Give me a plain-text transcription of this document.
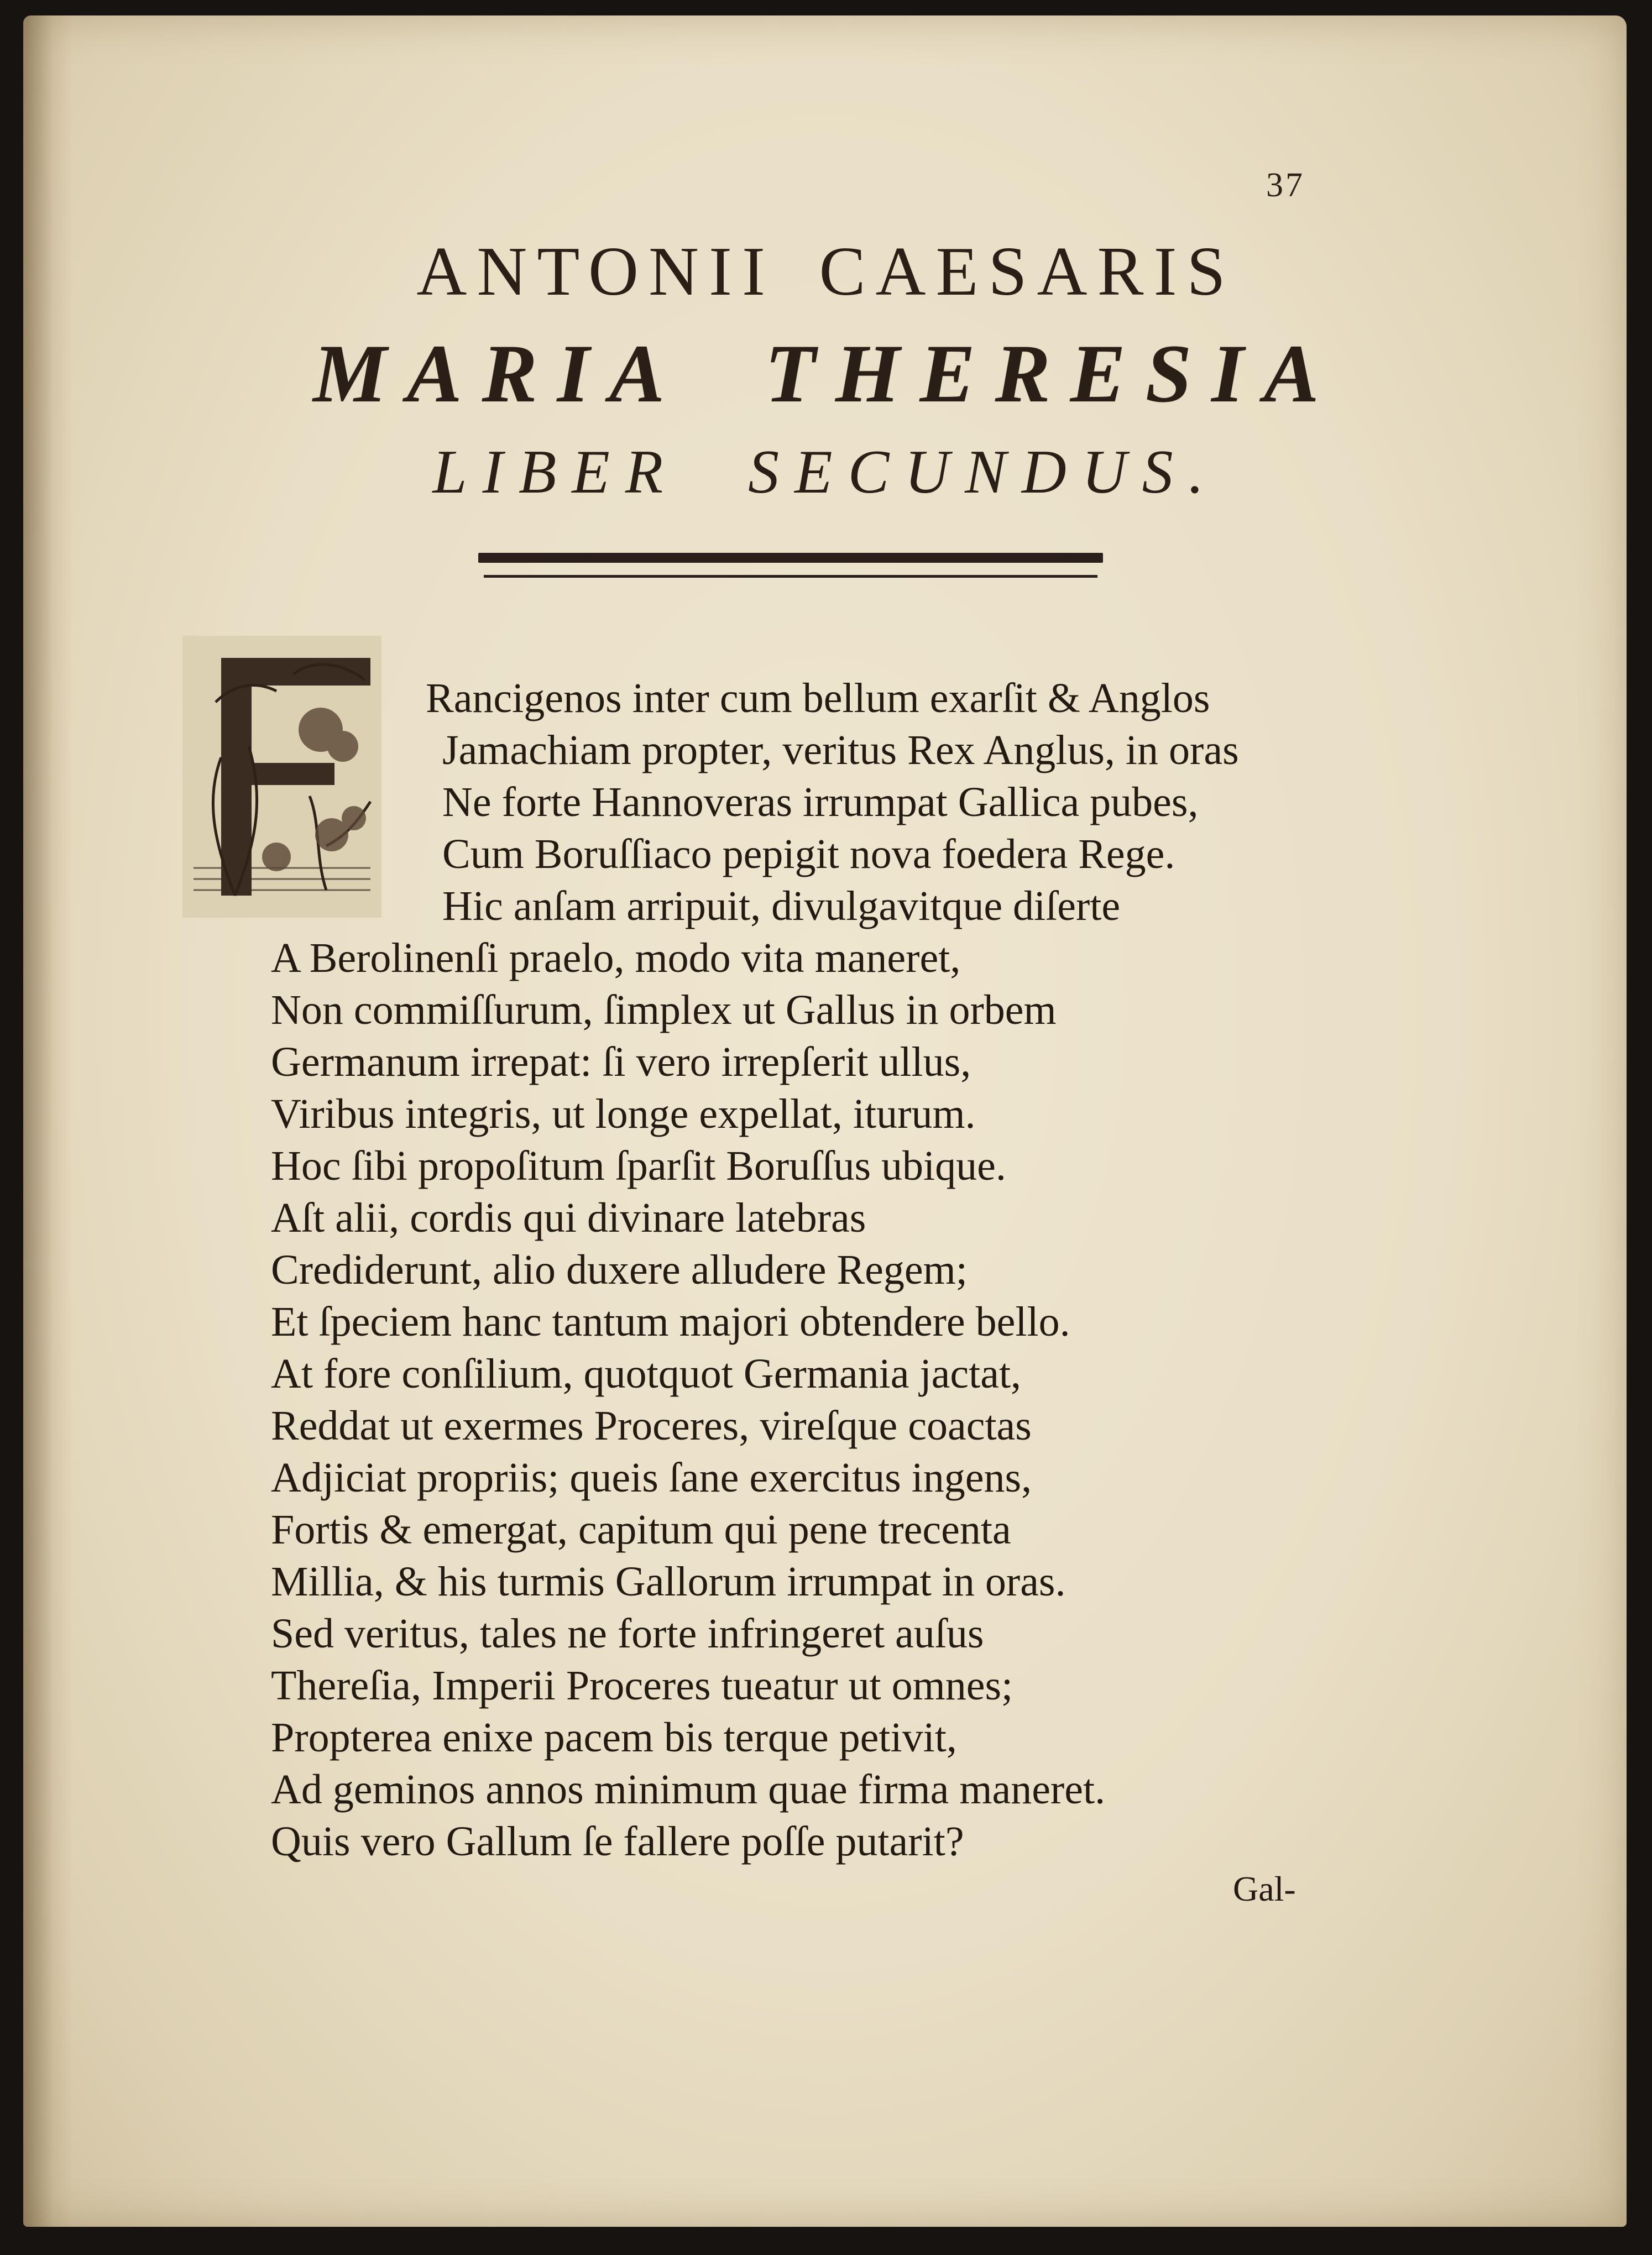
37
ANTONII CAESARIS
MARIA THERESIA
LIBER SECUNDUS.
Rancigenos inter cum bellum exarſit & Anglos
Jamachiam propter, veritus Rex Anglus, in oras
Ne forte Hannoveras irrumpat Gallica pubes,
Cum Boruſſiaco pepigit nova foedera Rege.
Hic anſam arripuit, divulgavitque diſerte
A Berolinenſi praelo, modo vita maneret,
Non commiſſurum, ſimplex ut Gallus in orbem
Germanum irrepat: ſi vero irrepſerit ullus,
Viribus integris, ut longe expellat, iturum.
Hoc ſibi propoſitum ſparſit Boruſſus ubique.
Aſt alii, cordis qui divinare latebras
Crediderunt, alio duxere alludere Regem;
Et ſpeciem hanc tantum majori obtendere bello.
At fore conſilium, quotquot Germania jactat,
Reddat ut exermes Proceres, vireſque coactas
Adjiciat propriis; queis ſane exercitus ingens,
Fortis & emergat, capitum qui pene trecenta
Millia, & his turmis Gallorum irrumpat in oras.
Sed veritus, tales ne forte infringeret auſus
Thereſia, Imperii Proceres tueatur ut omnes;
Propterea enixe pacem bis terque petivit,
Ad geminos annos minimum quae firma maneret.
Quis vero Gallum ſe fallere poſſe putarit?
Gal-
